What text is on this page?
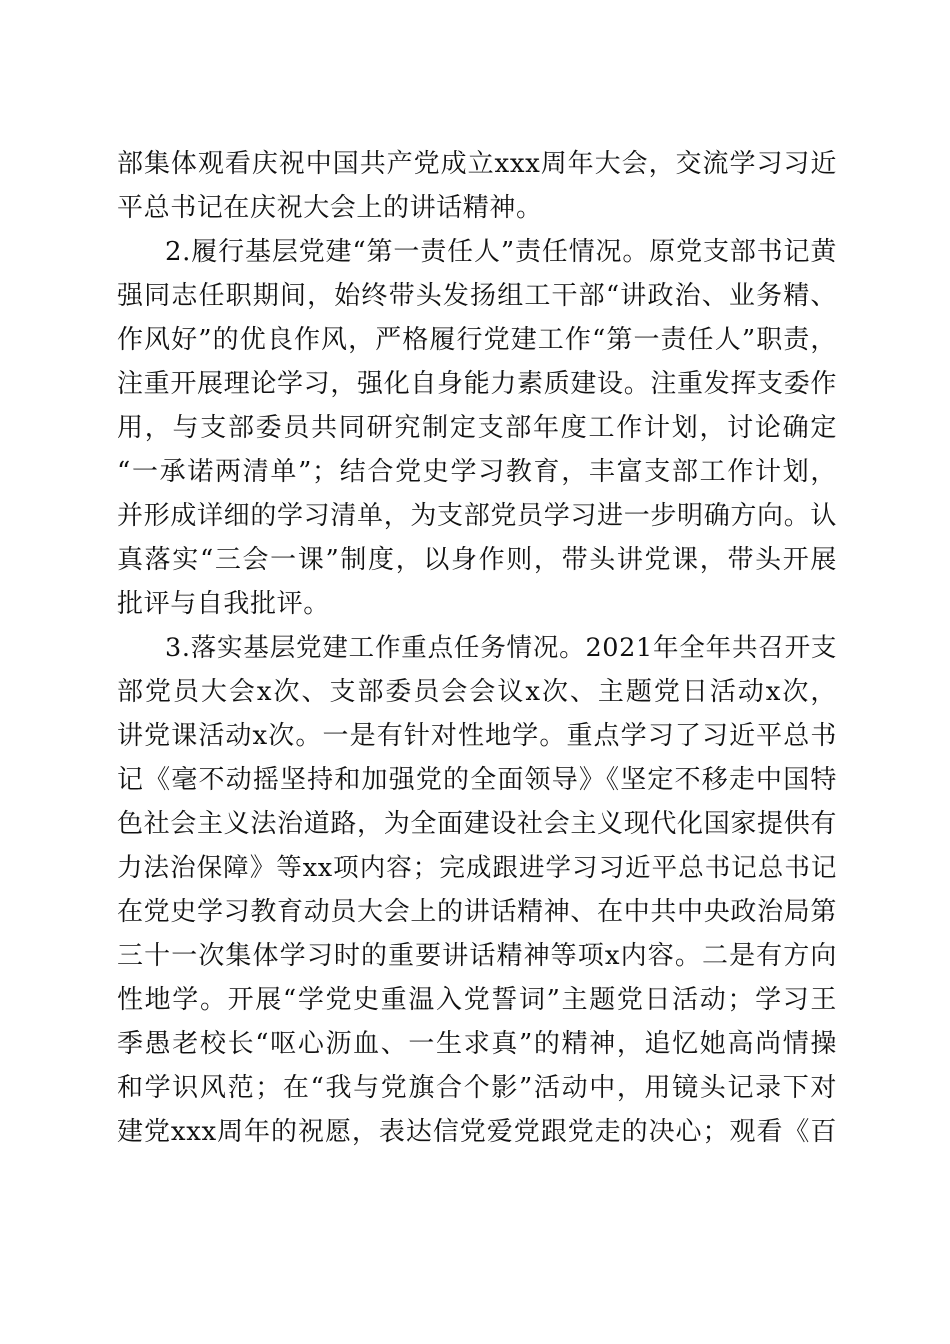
部集体观看庆祝中国共产党成立xxx周年大会，交流学习习近
平总书记在庆祝大会上的讲话精神。
2.履行基层党建“第一责任人”责任情况。原党支部书记黄
强同志任职期间，始终带头发扬组工干部“讲政治、业务精、
作风好”的优良作风，严格履行党建工作“第一责任人”职责，
注重开展理论学习，强化自身能力素质建设。注重发挥支委作
用，与支部委员共同研究制定支部年度工作计划，讨论确定
“一承诺两清单”；结合党史学习教育，丰富支部工作计划，
并形成详细的学习清单，为支部党员学习进一步明确方向。认
真落实“三会一课”制度，以身作则，带头讲党课，带头开展
批评与自我批评。
3.落实基层党建工作重点任务情况。2021年全年共召开支
部党员大会x次、支部委员会会议x次、主题党日活动x次，
讲党课活动x次。一是有针对性地学。重点学习了习近平总书
记《毫不动摇坚持和加强党的全面领导》《坚定不移走中国特
色社会主义法治道路，为全面建设社会主义现代化国家提供有
力法治保障》等xx项内容；完成跟进学习习近平总书记总书记
在党史学习教育动员大会上的讲话精神、在中共中央政治局第
三十一次集体学习时的重要讲话精神等项x内容。二是有方向
性地学。开展“学党史重温入党誓词”主题党日活动；学习王
季愚老校长“呕心沥血、一生求真”的精神，追忆她高尚情操
和学识风范；在“我与党旗合个影”活动中，用镜头记录下对
建党xxx周年的祝愿，表达信党爱党跟党走的决心；观看《百
